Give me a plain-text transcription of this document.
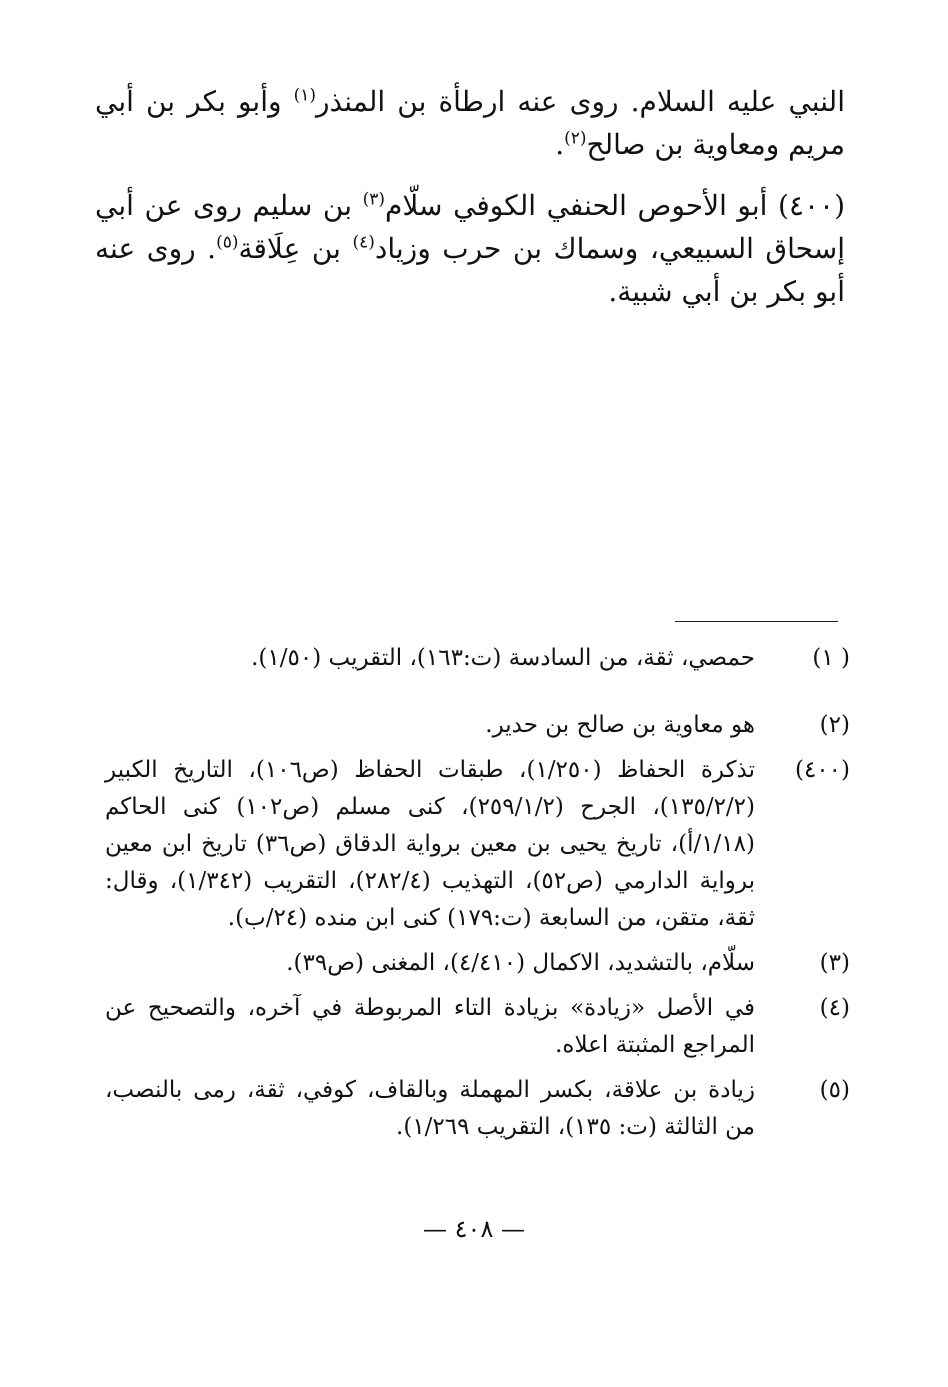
النبي عليه السلام. روى عنه ارطأة بن المنذر$^{(١)}$ وأبو بكر بن أبي مريم ومعاوية بن صالح$^{(٢)}$.

(٤٠٠) أبو الأحوص الحنفي الكوفي سلّام$^{(٣)}$ بن سليم روى عن أبي إسحاق السبيعي، وسماك بن حرب وزياد$^{(٤)}$ بن عِلَاقة$^{(٥)}$. روى عنه أبو بكر بن أبي شبية.

( ١)
حمصي، ثقة، من السادسة (ت:١٦٣)، التقريب (١/٥٠).
(٢)
هو معاوية بن صالح بن حدير.
(٤٠٠)
تذكرة الحفاظ (١/٢٥٠)، طبقات الحفاظ (ص١٠٦)، التاريخ الكبير (١٣٥/٢/٢)، الجرح (٢٥٩/١/٢)، كنى مسلم (ص١٠٢) كنى الحاكم (١/١٨/أ)، تاريخ يحيى بن معين برواية الدقاق (ص٣٦) تاريخ ابن معين برواية الدارمي (ص٥٢)، التهذيب (٢٨٢/٤)، التقريب (١/٣٤٢)، وقال: ثقة، متقن، من السابعة (ت:١٧٩) كنى ابن منده (٢٤/ب).
(٣)
سلّام، بالتشديد، الاكمال (٤/٤١٠)، المغنى (ص٣٩).
(٤)
في الأصل «زيادة» بزيادة التاء المربوطة في آخره، والتصحيح عن المراجع المثبتة اعلاه.
(٥)
زيادة بن علاقة، بكسر المهملة وبالقاف، كوفي، ثقة، رمى بالنصب، من الثالثة (ت: ١٣٥)، التقريب ١/٢٦٩).
— ٤٠٨ —
